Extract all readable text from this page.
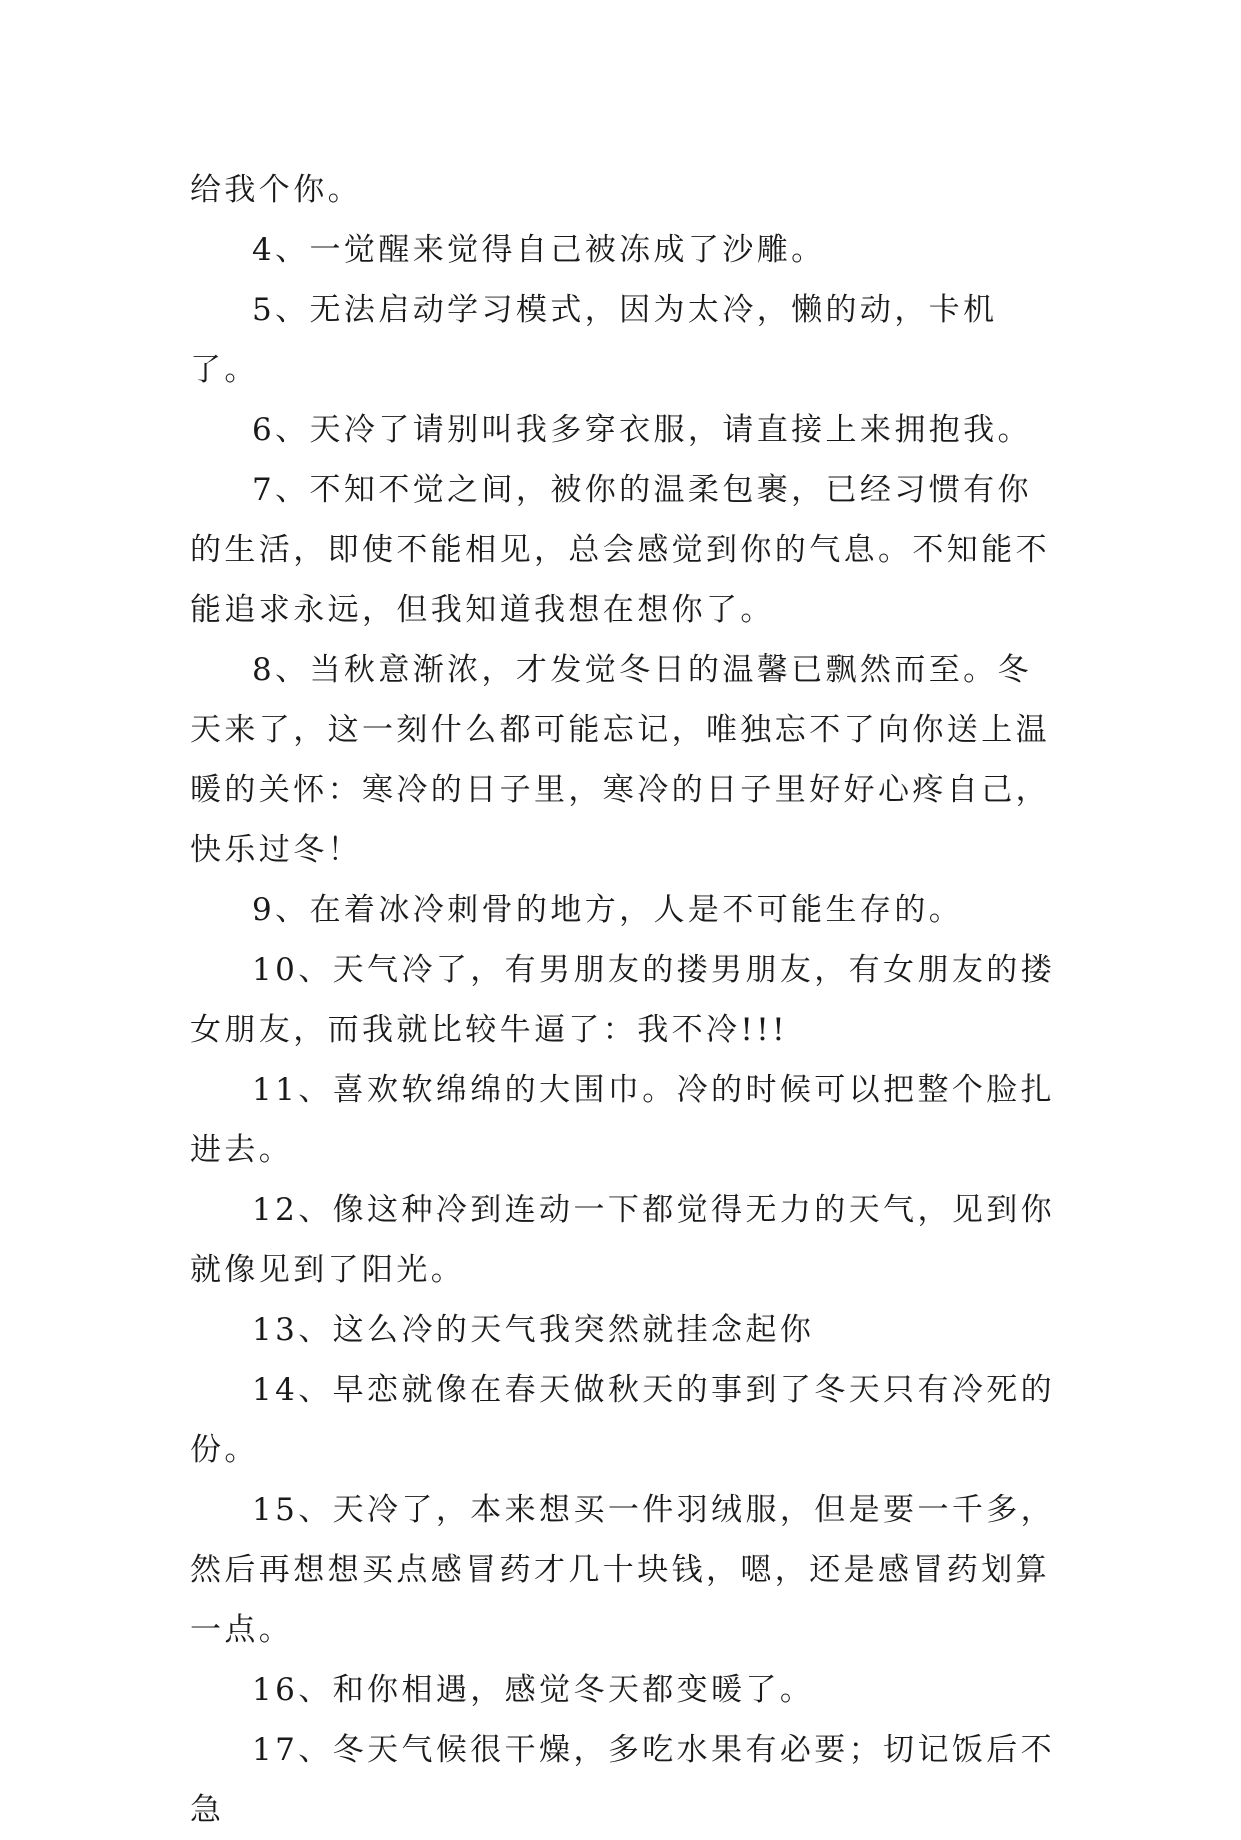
给我个你。

4、一觉醒来觉得自己被冻成了沙雕。

5、无法启动学习模式，因为太冷，懒的动，卡机了。

6、天冷了请别叫我多穿衣服，请直接上来拥抱我。

7、不知不觉之间，被你的温柔包裹，已经习惯有你的生活，即使不能相见，总会感觉到你的气息。不知能不能追求永远，但我知道我想在想你了。

8、当秋意渐浓，才发觉冬日的温馨已飘然而至。冬天来了，这一刻什么都可能忘记，唯独忘不了向你送上温暖的关怀：寒冷的日子里，寒冷的日子里好好心疼自己，快乐过冬！

9、在着冰冷刺骨的地方，人是不可能生存的。

10、天气冷了，有男朋友的搂男朋友，有女朋友的搂女朋友，而我就比较牛逼了：我不冷!!!

11、喜欢软绵绵的大围巾。冷的时候可以把整个脸扎进去。

12、像这种冷到连动一下都觉得无力的天气，见到你就像见到了阳光。

13、这么冷的天气我突然就挂念起你

14、早恋就像在春天做秋天的事到了冬天只有冷死的份。

15、天冷了，本来想买一件羽绒服，但是要一千多，然后再想想买点感冒药才几十块钱，嗯，还是感冒药划算一点。

16、和你相遇，感觉冬天都变暖了。

17、冬天气候很干燥，多吃水果有必要；切记饭后不急
